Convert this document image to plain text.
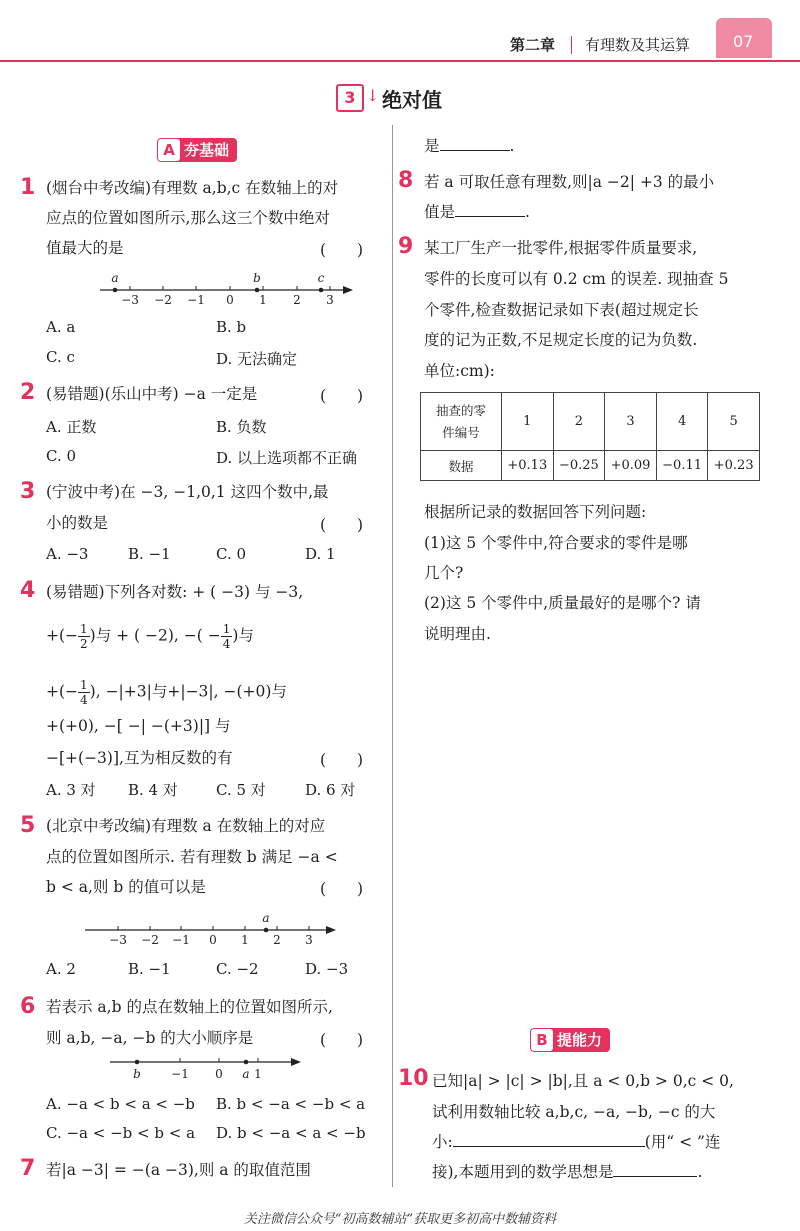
第二章 有理数及其运算	07
3 ↓ 绝对值
A 夯基础
1 (烟台中考改编)有理数 a,b,c 在数轴上的对
应点的位置如图所示,那么这三个数中绝对
值最大的是	(　　)
−3 −2 −1 0 1 2 3
a	b	c
A. a	B. b
C. c	D. 无法确定
2 (易错题)(乐山中考) −a 一定是	(　　)
A. 正数	B. 负数
C. 0	D. 以上选项都不正确
3 (宁波中考)在 −3, −1,0,1 这四个数中,最
小的数是	(　　)
A. −3	B. −1	C. 0	D. 1
4 (易错题)下列各对数: + ( −3) 与 −3,
+(− $\frac{1}{2}$ )与 + ( −2), −( − $\frac{1}{4}$ )与
+(− $\frac{1}{4}$ ), −|+3|与+|−3|, −(+0)与
+(+0), −[ −| −(+3)|] 与
−[+(−3)],互为相反数的有	(　　)
A. 3 对 B. 4 对	C. 5 对	D. 6 对
5 (北京中考改编)有理数 a 在数轴上的对应
点的位置如图所示. 若有理数 b 满足 −a <
b < a,则 b 的值可以是	(　　)
−3 −2 −1 0 1 2 3
a
A. 2	B. −1	C. −2	D. −3
6 若表示 a,b 的点在数轴上的位置如图所示,
则 a,b, −a, −b 的大小顺序是	(　　)
b	−1 0 a 1
A. −a < b < a < −b B. b < −a < −b < a
C. −a < −b < b < a D. b < −a < a < −b
7 若|a −3| = −(a −3),则 a 的取值范围
是	.
8 若 a 可取任意有理数,则|a −2| +3 的最小
值是	.
9 某工厂生产一批零件,根据零件质量要求,
零件的长度可以有 0.2 cm 的误差. 现抽查 5
个零件,检查数据记录如下表(超过规定长
度的记为正数,不足规定长度的记为负数.
单位:cm):
抽查的零
件编号	1	2	3	4	5
数据	+0.13	−0.25	+0.09	−0.11	+0.23
根据所记录的数据回答下列问题:
(1)这 5 个零件中,符合要求的零件是哪
几个?
(2)这 5 个零件中,质量最好的是哪个? 请
说明理由.
B 提能力
10 已知|a| > |c| > |b|,且 a < 0,b > 0,c < 0,
试利用数轴比较 a,b,c, −a, −b, −c 的大
小:	(用“ < ”连
接),本题用到的数学思想是	.
关注微信公众号“初高数辅站”获取更多初高中数辅资料
